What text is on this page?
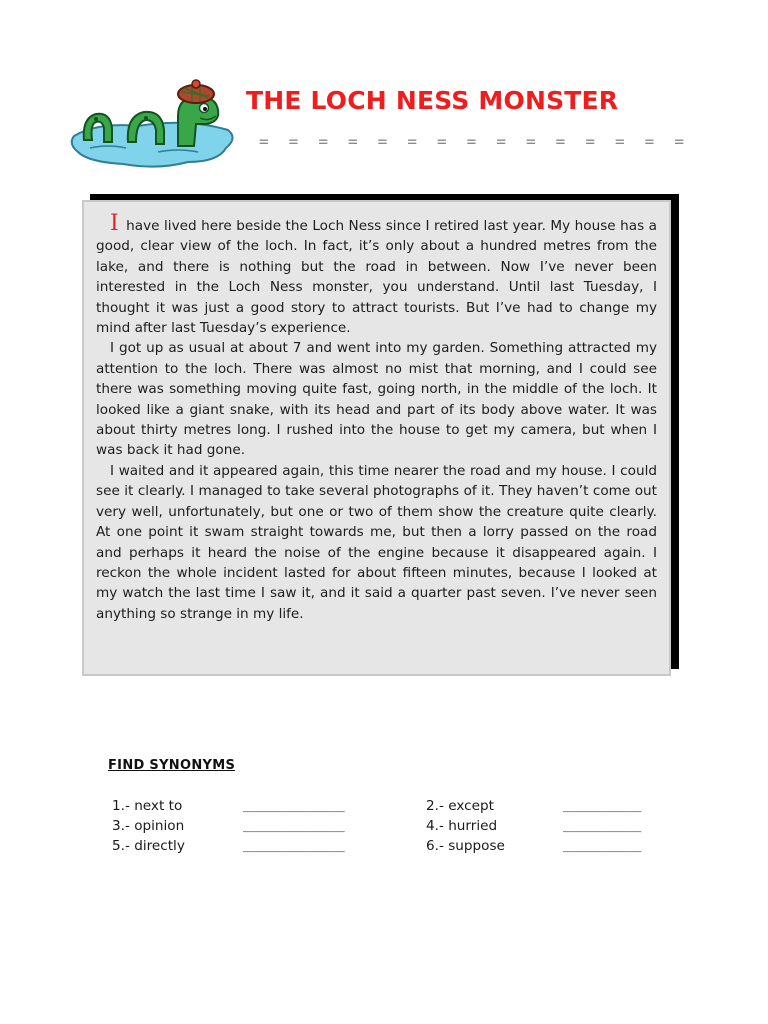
THE LOCH NESS MONSTER
= = = = = = = = = = = = = = =

I have lived here beside the Loch Ness since I retired last year. My house has a good, clear view of the loch. In fact, it’s only about a hundred metres from the lake, and there is nothing but the road in between. Now I’ve never been interested in the Loch Ness monster, you understand. Until last Tuesday, I thought it was just a good story to attract tourists. But I’ve had to change my mind after last Tuesday’s experience.

I got up as usual at about 7 and went into my garden. Something attracted my attention to the loch. There was almost no mist that morning, and I could see there was something moving quite fast, going north, in the middle of the loch. It looked like a giant snake, with its head and part of its body above water. It was about thirty metres long. I rushed into the house to get my camera, but when I was back it had gone.

I waited and it appeared again, this time nearer the road and my house. I could see it clearly. I managed to take several photographs of it. They haven’t come out very well, unfortunately, but one or two of them show the creature quite clearly. At one point it swam straight towards me, but then a lorry passed on the road and perhaps it heard the noise of the engine because it disappeared again. I reckon the whole incident lasted for about fifteen minutes, because I looked at my watch the last time I saw it, and it said a quarter past seven. I’ve never seen anything so strange in my life.

FIND SYNONYMS
1.- next to	_____________	2.- except	__________
3.- opinion	_____________	4.- hurried	__________
5.- directly	_____________	6.- suppose	__________
